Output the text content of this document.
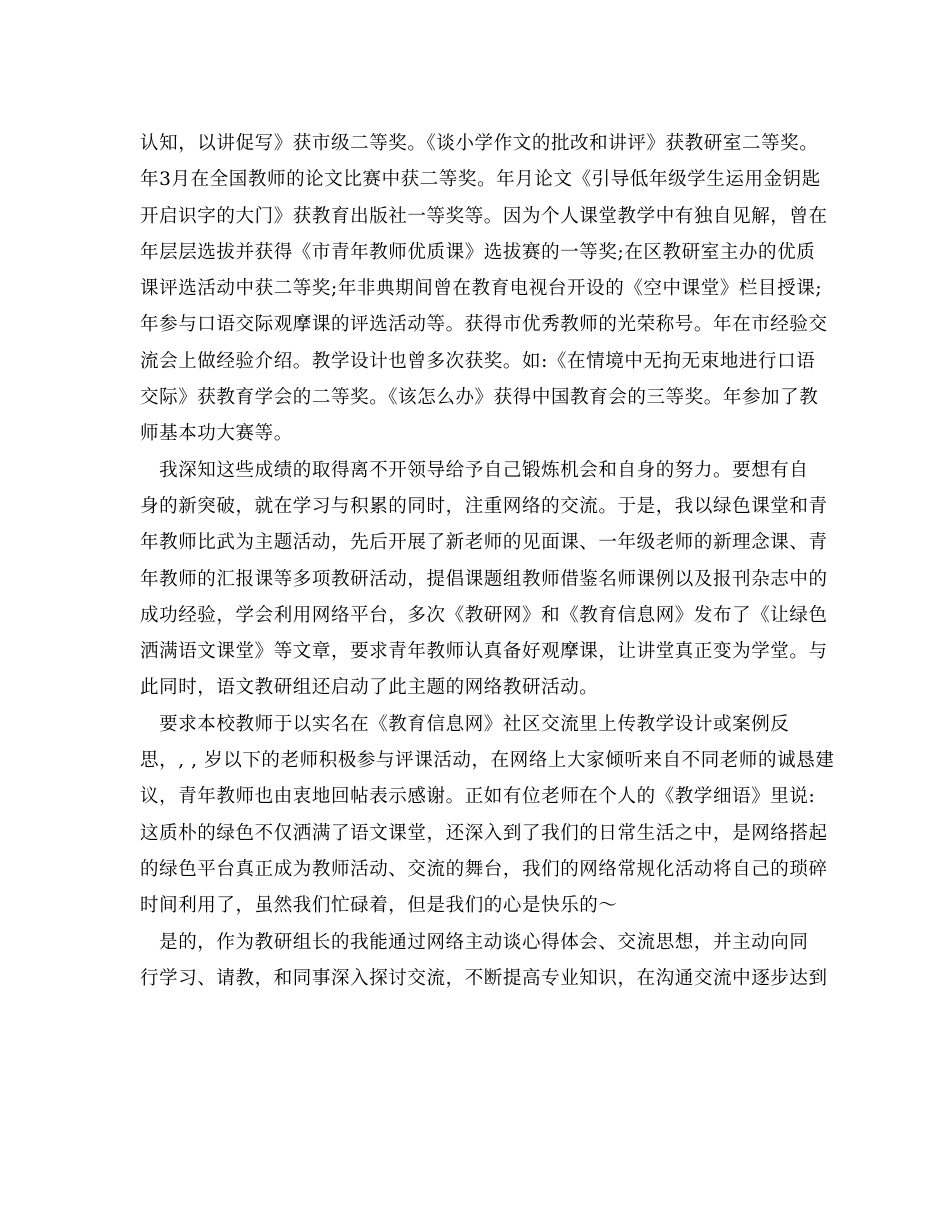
认知，以讲促写》获市级二等奖。《谈小学作文的批改和讲评》获教研室二等奖。
年3月在全国教师的论文比赛中获二等奖。年月论文《引导低年级学生运用金钥匙
开启识字的大门》获教育出版社一等奖等。因为个人课堂教学中有独自见解，曾在
年层层选拔并获得《市青年教师优质课》选拔赛的一等奖;在区教研室主办的优质
课评选活动中获二等奖;年非典期间曾在教育电视台开设的《空中课堂》栏目授课;
年参与口语交际观摩课的评选活动等。获得市优秀教师的光荣称号。年在市经验交
流会上做经验介绍。教学设计也曾多次获奖。如:《在情境中无拘无束地进行口语
交际》获教育学会的二等奖。《该怎么办》获得中国教育会的三等奖。年参加了教
师基本功大赛等。
　我深知这些成绩的取得离不开领导给予自己锻炼机会和自身的努力。要想有自
身的新突破，就在学习与积累的同时，注重网络的交流。于是，我以绿色课堂和青
年教师比武为主题活动，先后开展了新老师的见面课、一年级老师的新理念课、青
年教师的汇报课等多项教研活动，提倡课题组教师借鉴名师课例以及报刊杂志中的
成功经验，学会利用网络平台，多次《教研网》和《教育信息网》发布了《让绿色
洒满语文课堂》等文章，要求青年教师认真备好观摩课，让讲堂真正变为学堂。与
此同时，语文教研组还启动了此主题的网络教研活动。
　要求本校教师于以实名在《教育信息网》社区交流里上传教学设计或案例反
思，, , 岁以下的老师积极参与评课活动，在网络上大家倾听来自不同老师的诚恳建
议，青年教师也由衷地回帖表示感谢。正如有位老师在个人的《教学细语》里说:
这质朴的绿色不仅洒满了语文课堂，还深入到了我们的日常生活之中，是网络搭起
的绿色平台真正成为教师活动、交流的舞台，我们的网络常规化活动将自己的琐碎
时间利用了，虽然我们忙碌着，但是我们的心是快乐的～
　是的，作为教研组长的我能通过网络主动谈心得体会、交流思想，并主动向同
行学习、请教，和同事深入探讨交流，不断提高专业知识，在沟通交流中逐步达到
